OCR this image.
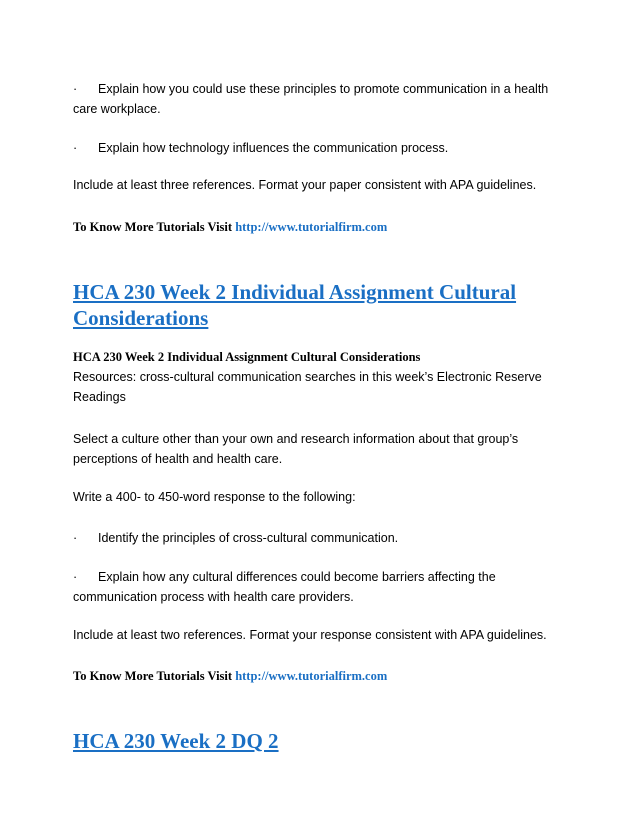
· Explain how you could use these principles to promote communication in a health care workplace.
· Explain how technology influences the communication process.
Include at least three references. Format your paper consistent with APA guidelines.
To Know More Tutorials Visit http://www.tutorialfirm.com
HCA 230 Week 2 Individual Assignment Cultural Considerations
HCA 230 Week 2 Individual Assignment Cultural Considerations
Resources: cross-cultural communication searches in this week’s Electronic Reserve Readings
Select a culture other than your own and research information about that group’s perceptions of health and health care.
Write a 400- to 450-word response to the following:
· Identify the principles of cross-cultural communication.
· Explain how any cultural differences could become barriers affecting the communication process with health care providers.
Include at least two references. Format your response consistent with APA guidelines.
To Know More Tutorials Visit http://www.tutorialfirm.com
HCA 230 Week 2 DQ 2
